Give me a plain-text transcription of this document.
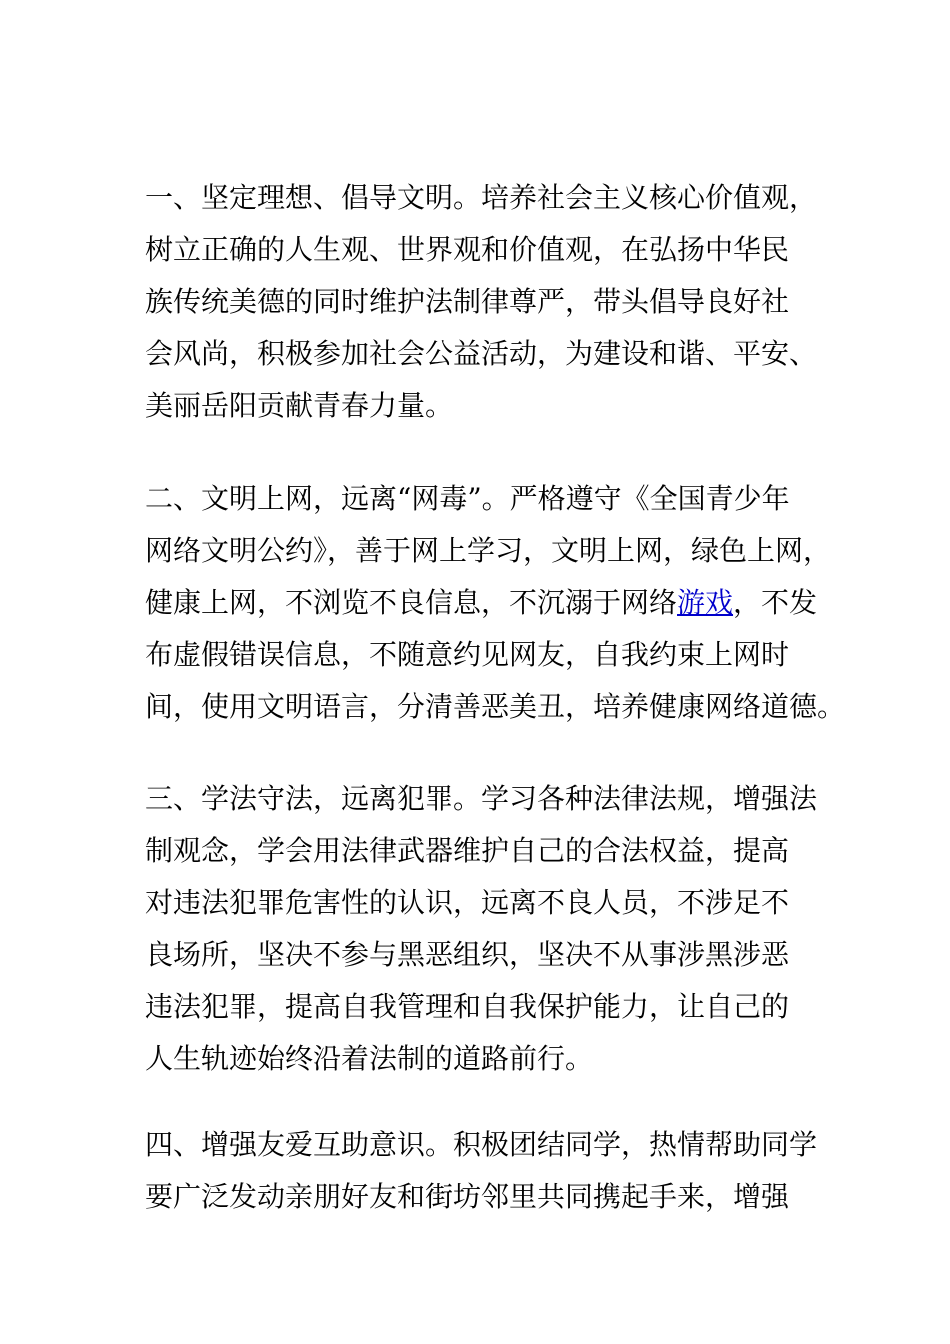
一、坚定理想、倡导文明。培养社会主义核心价值观，
树立正确的人生观、世界观和价值观，在弘扬中华民
族传统美德的同时维护法制律尊严，带头倡导良好社
会风尚，积极参加社会公益活动，为建设和谐、平安、
美丽岳阳贡献青春力量。
二、文明上网，远离“网毒”。严格遵守《全国青少年
网络文明公约》，善于网上学习，文明上网，绿色上网，
健康上网，不浏览不良信息，不沉溺于网络游戏，不发
布虚假错误信息，不随意约见网友，自我约束上网时
间，使用文明语言，分清善恶美丑，培养健康网络道德。
三、学法守法，远离犯罪。学习各种法律法规，增强法
制观念，学会用法律武器维护自己的合法权益，提高
对违法犯罪危害性的认识，远离不良人员，不涉足不
良场所，坚决不参与黑恶组织，坚决不从事涉黑涉恶
违法犯罪，提高自我管理和自我保护能力，让自己的
人生轨迹始终沿着法制的道路前行。
四、增强友爱互助意识。积极团结同学，热情帮助同学
要广泛发动亲朋好友和街坊邻里共同携起手来，增强
